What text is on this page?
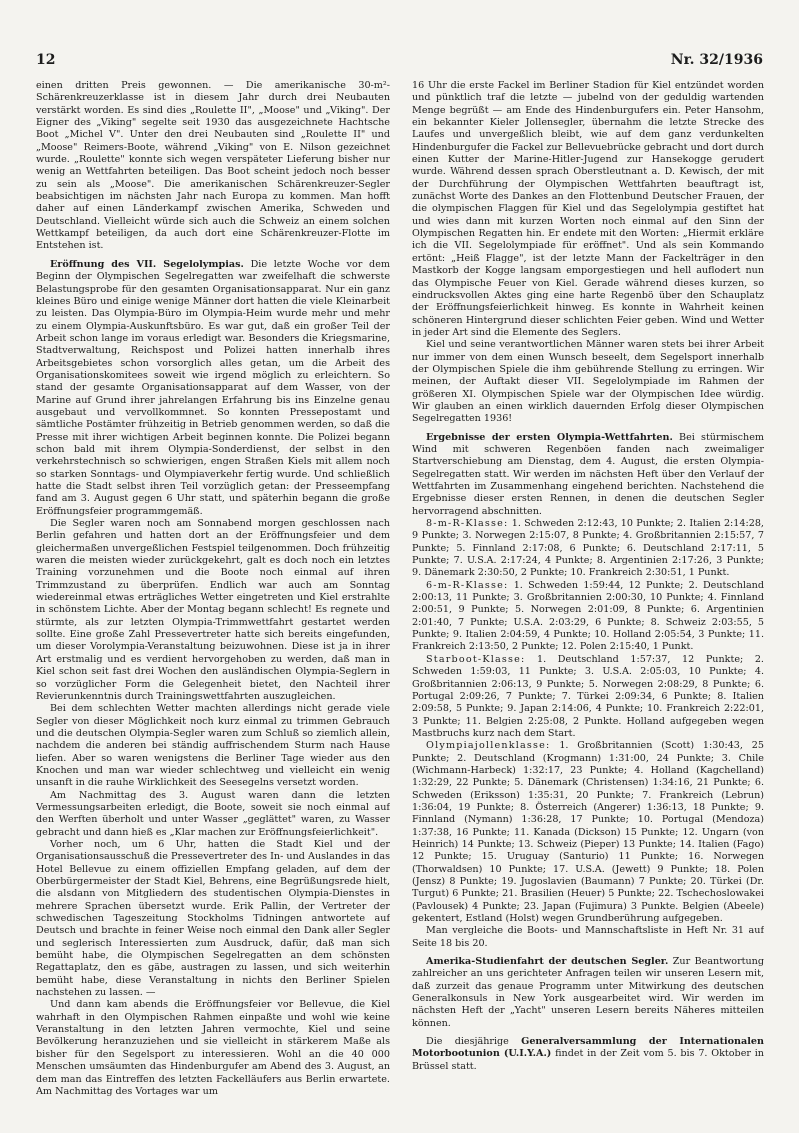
12	Nr. 32/1936

einen dritten Preis gewonnen. — Die amerikanische 30-m²-Schärenkreuzerklasse ist in diesem Jahr durch drei Neubauten verstärkt worden. Es sind dies „Roulette II", „Moose" und „Viking". Der Eigner des „Viking" segelte seit 1930 das ausgezeichnete Hachtsche Boot „Michel V". Unter den drei Neubauten sind „Roulette II" und „Moose" Reimers-Boote, während „Viking" von E. Nilson gezeichnet wurde. „Roulette" konnte sich wegen verspäteter Lieferung bisher nur wenig an Wettfahrten beteiligen. Das Boot scheint jedoch noch besser zu sein als „Moose". Die amerikanischen Schärenkreuzer-Segler beabsichtigen im nächsten Jahr nach Europa zu kommen. Man hofft daher auf einen Länderkampf zwischen Amerika, Schweden und Deutschland. Vielleicht würde sich auch die Schweiz an einem solchen Wettkampf beteiligen, da auch dort eine Schärenkreuzer-Flotte im Entstehen ist.

Eröffnung des VII. Segelolympias. Die letzte Woche vor dem Beginn der Olympischen Segelregatten war zweifelhaft die schwerste Belastungsprobe für den gesamten Organisationsapparat. Nur ein ganz kleines Büro und einige wenige Männer dort hatten die viele Kleinarbeit zu leisten. Das Olympia-Büro im Olympia-Heim wurde mehr und mehr zu einem Olympia-Auskunftsbüro. Es war gut, daß ein großer Teil der Arbeit schon lange im voraus erledigt war. Besonders die Kriegsmarine, Stadtverwaltung, Reichspost und Polizei hatten innerhalb ihres Arbeitsgebietes schon vorsorglich alles getan, um die Arbeit des Organisationskomitees soweit wie irgend möglich zu erleichtern. So stand der gesamte Organisationsapparat auf dem Wasser, von der Marine auf Grund ihrer jahrelangen Erfahrung bis ins Einzelne genau ausgebaut und vervollkommnet. So konnten Pressepostamt und sämtliche Postämter frühzeitig in Betrieb genommen werden, so daß die Presse mit ihrer wichtigen Arbeit beginnen konnte. Die Polizei begann schon bald mit ihrem Olympia-Sonderdienst, der selbst in den verkehrstechnisch so schwierigen, engen Straßen Kiels mit allem noch so starken Sonntags- und Olympiaverkehr fertig wurde. Und schließlich hatte die Stadt selbst ihren Teil vorzüglich getan: der Presseempfang fand am 3. August gegen 6 Uhr statt, und späterhin begann die große Eröffnungsfeier programmgemäß.

Die Segler waren noch am Sonnabend morgen geschlossen nach Berlin gefahren und hatten dort an der Eröffnungsfeier und dem gleichermaßen unvergeßlichen Festspiel teilgenommen. Doch frühzeitig waren die meisten wieder zurückgekehrt, galt es doch noch ein letztes Training vorzunehmen und die Boote noch einmal auf ihren Trimmzustand zu überprüfen. Endlich war auch am Sonntag wiedereinmal etwas erträgliches Wetter eingetreten und Kiel erstrahlte in schönstem Lichte. Aber der Montag begann schlecht! Es regnete und stürmte, als zur letzten Olympia-Trimmwettfahrt gestartet werden sollte. Eine große Zahl Pressevertreter hatte sich bereits eingefunden, um dieser Vorolympia-Veranstaltung beizuwohnen. Diese ist ja in ihrer Art erstmalig und es verdient hervorgehoben zu werden, daß man in Kiel schon seit fast drei Wochen den ausländischen Olympia-Seglern in so vorzüglicher Form die Gelegenheit bietet, den Nachteil ihrer Revierunkenntnis durch Trainingswettfahrten auszugleichen.

Bei dem schlechten Wetter machten allerdings nicht gerade viele Segler von dieser Möglichkeit noch kurz einmal zu trimmen Gebrauch und die deutschen Olympia-Segler waren zum Schluß so ziemlich allein, nachdem die anderen bei ständig auffrischendem Sturm nach Hause liefen. Aber so waren wenigstens die Berliner Tage wieder aus den Knochen und man war wieder schlechtweg und vielleicht ein wenig unsanft in die rauhe Wirklichkeit des Seesegelns versetzt worden.

Am Nachmittag des 3. August waren dann die letzten Vermessungsarbeiten erledigt, die Boote, soweit sie noch einmal auf den Werften überholt und unter Wasser „geglättet" waren, zu Wasser gebracht und dann hieß es „Klar machen zur Eröffnungsfeierlichkeit".

Vorher noch, um 6 Uhr, hatten die Stadt Kiel und der Organisationsausschuß die Pressevertreter des In- und Auslandes in das Hotel Bellevue zu einem offiziellen Empfang geladen, auf dem der Oberbürgermeister der Stadt Kiel, Behrens, eine Begrüßungsrede hielt, die alsdann von Mitgliedern des studentischen Olympia-Dienstes in mehrere Sprachen übersetzt wurde. Erik Pallin, der Vertreter der schwedischen Tageszeitung Stockholms Tidningen antwortete auf Deutsch und brachte in feiner Weise noch einmal den Dank aller Segler und seglerisch Interessierten zum Ausdruck, dafür, daß man sich bemüht habe, die Olympischen Segelregatten an dem schönsten Regattaplatz, den es gäbe, austragen zu lassen, und sich weiterhin bemüht habe, diese Veranstaltung in nichts den Berliner Spielen nachstehen zu lassen. —

Und dann kam abends die Eröffnungsfeier vor Bellevue, die Kiel wahrhaft in den Olympischen Rahmen einpaßte und wohl wie keine Veranstaltung in den letzten Jahren vermochte, Kiel und seine Bevölkerung heranzuziehen und sie vielleicht in stärkerem Maße als bisher für den Segelsport zu interessieren. Wohl an die 40 000 Menschen umsäumten das Hindenburgufer am Abend des 3. August, an dem man das Eintreffen des letzten Fackelläufers aus Berlin erwartete. Am Nachmittag des Vortages war um

16 Uhr die erste Fackel im Berliner Stadion für Kiel entzündet worden und pünktlich traf die letzte — jubelnd von der geduldig wartenden Menge begrüßt — am Ende des Hindenburgufers ein. Peter Hansohm, ein bekannter Kieler Jollensegler, übernahm die letzte Strecke des Laufes und unvergeßlich bleibt, wie auf dem ganz verdunkelten Hindenburgufer die Fackel zur Bellevuebrücke gebracht und dort durch einen Kutter der Marine-Hitler-Jugend zur Hansekogge gerudert wurde. Während dessen sprach Oberstleutnant a. D. Kewisch, der mit der Durchführung der Olympischen Wettfahrten beauftragt ist, zunächst Worte des Dankes an den Flottenbund Deutscher Frauen, der die olympischen Flaggen für Kiel und das Segelolympia gestiftet hat und wies dann mit kurzen Worten noch einmal auf den Sinn der Olympischen Regatten hin. Er endete mit den Worten: „Hiermit erkläre ich die VII. Segelolympiade für eröffnet". Und als sein Kommando ertönt: „Heiß Flagge", ist der letzte Mann der Fackelträger in den Mastkorb der Kogge langsam emporgestiegen und hell auflodert nun das Olympische Feuer von Kiel. Gerade während dieses kurzen, so eindrucksvollen Aktes ging eine harte Regenbö über den Schauplatz der Eröffnungsfeierlichkeit hinweg. Es konnte in Wahrheit keinen schöneren Hintergrund dieser schlichten Feier geben. Wind und Wetter in jeder Art sind die Elemente des Seglers.

Kiel und seine verantwortlichen Männer waren stets bei ihrer Arbeit nur immer von dem einen Wunsch beseelt, dem Segelsport innerhalb der Olympischen Spiele die ihm gebührende Stellung zu erringen. Wir meinen, der Auftakt dieser VII. Segelolympiade im Rahmen der größeren XI. Olympischen Spiele war der Olympischen Idee würdig. Wir glauben an einen wirklich dauernden Erfolg dieser Olympischen Segelregatten 1936!

Ergebnisse der ersten Olympia-Wettfahrten. Bei stürmischem Wind mit schweren Regenböen fanden nach zweimaliger Startverschiebung am Dienstag, dem 4. August, die ersten Olympia-Segelregatten statt. Wir werden im nächsten Heft über den Verlauf der Wettfahrten im Zusammenhang eingehend berichten. Nachstehend die Ergebnisse dieser ersten Rennen, in denen die deutschen Segler hervorragend abschnitten.

8-m-R-Klasse: 1. Schweden 2:12:43, 10 Punkte; 2. Italien 2:14:28, 9 Punkte; 3. Norwegen 2:15:07, 8 Punkte; 4. Großbritannien 2:15:57, 7 Punkte; 5. Finnland 2:17:08, 6 Punkte; 6. Deutschland 2:17:11, 5 Punkte; 7. U.S.A. 2:17:24, 4 Punkte; 8. Argentinien 2:17:26, 3 Punkte; 9. Dänemark 2:30:50, 2 Punkte; 10. Frankreich 2:30:51, 1 Punkt.

6-m-R-Klasse: 1. Schweden 1:59:44, 12 Punkte; 2. Deutschland 2:00:13, 11 Punkte; 3. Großbritannien 2:00:30, 10 Punkte; 4. Finnland 2:00:51, 9 Punkte; 5. Norwegen 2:01:09, 8 Punkte; 6. Argentinien 2:01:40, 7 Punkte; U.S.A. 2:03:29, 6 Punkte; 8. Schweiz 2:03:55, 5 Punkte; 9. Italien 2:04:59, 4 Punkte; 10. Holland 2:05:54, 3 Punkte; 11. Frankreich 2:13:50, 2 Punkte; 12. Polen 2:15:40, 1 Punkt.

Starboot-Klasse: 1. Deutschland 1:57:37, 12 Punkte; 2. Schweden 1:59:03, 11 Punkte; 3. U.S.A. 2:05:03, 10 Punkte; 4. Großbritannien 2:06:13, 9 Punkte; 5. Norwegen 2:08:29, 8 Punkte; 6. Portugal 2:09:26, 7 Punkte; 7. Türkei 2:09:34, 6 Punkte; 8. Italien 2:09:58, 5 Punkte; 9. Japan 2:14:06, 4 Punkte; 10. Frankreich 2:22:01, 3 Punkte; 11. Belgien 2:25:08, 2 Punkte. Holland aufgegeben wegen Mastbruchs kurz nach dem Start.

Olympiajollenklasse: 1. Großbritannien (Scott) 1:30:43, 25 Punkte; 2. Deutschland (Krogmann) 1:31:00, 24 Punkte; 3. Chile (Wichmann-Harbeck) 1:32:17, 23 Punkte; 4. Holland (Kagchelland) 1:32:29, 22 Punkte; 5. Dänemark (Christensen) 1:34:16, 21 Punkte; 6. Schweden (Eriksson) 1:35:31, 20 Punkte; 7. Frankreich (Lebrun) 1:36:04, 19 Punkte; 8. Österreich (Angerer) 1:36:13, 18 Punkte; 9. Finnland (Nymann) 1:36:28, 17 Punkte; 10. Portugal (Mendoza) 1:37:38, 16 Punkte; 11. Kanada (Dickson) 15 Punkte; 12. Ungarn (von Heinrich) 14 Punkte; 13. Schweiz (Pieper) 13 Punkte; 14. Italien (Fago) 12 Punkte; 15. Uruguay (Santurio) 11 Punkte; 16. Norwegen (Thorwaldsen) 10 Punkte; 17. U.S.A. (Jewett) 9 Punkte; 18. Polen (Jensz) 8 Punkte; 19. Jugoslavien (Baumann) 7 Punkte; 20. Türkei (Dr. Turgut) 6 Punkte; 21. Brasilien (Heuer) 5 Punkte; 22. Tschechoslowakei (Pavlousek) 4 Punkte; 23. Japan (Fujimura) 3 Punkte. Belgien (Abeele) gekentert, Estland (Holst) wegen Grundberührung aufgegeben.

Man vergleiche die Boots- und Mannschaftsliste in Heft Nr. 31 auf Seite 18 bis 20.

Amerika-Studienfahrt der deutschen Segler. Zur Beantwortung zahlreicher an uns gerichteter Anfragen teilen wir unseren Lesern mit, daß zurzeit das genaue Programm unter Mitwirkung des deutschen Generalkonsuls in New York ausgearbeitet wird. Wir werden im nächsten Heft der „Yacht" unseren Lesern bereits Näheres mitteilen können.

Die diesjährige Generalversammlung der Internationalen Motorbootunion (U.I.Y.A.) findet in der Zeit vom 5. bis 7. Oktober in Brüssel statt.
